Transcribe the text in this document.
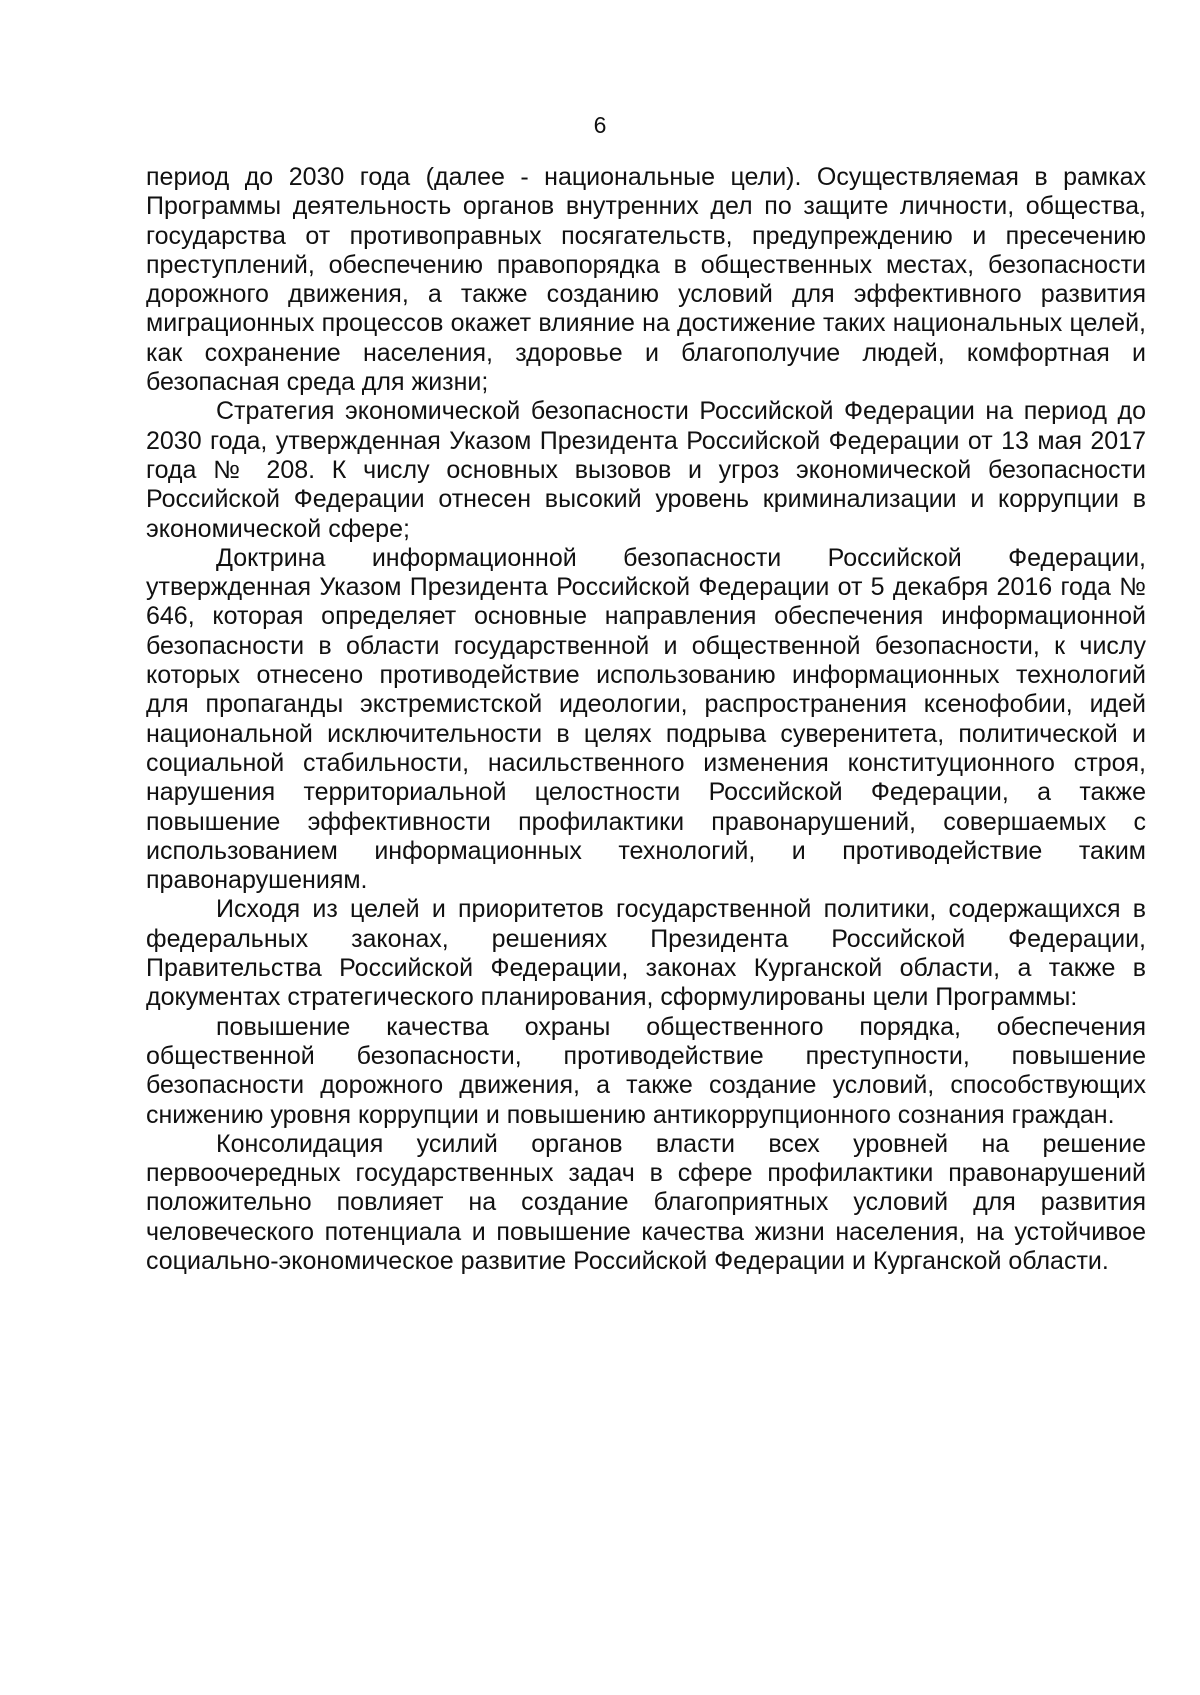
6

период до 2030 года (далее - национальные цели). Осуществляемая в рамках Программы деятельность органов внутренних дел по защите личности, общества, государства от противоправных посягательств, предупреждению и пресечению преступлений, обеспечению правопорядка в общественных местах, безопасности дорожного движения, а также созданию условий для эффективного развития миграционных процессов окажет влияние на достижение таких национальных целей, как сохранение населения, здоровье и благополучие людей, комфортная и безопасная среда для жизни;

Стратегия экономической безопасности Российской Федерации на период до 2030 года, утвержденная Указом Президента Российской Федерации от 13 мая 2017 года № 208. К числу основных вызовов и угроз экономической безопасности Российской Федерации отнесен высокий уровень криминализации и коррупции в экономической сфере;

Доктрина информационной безопасности Российской Федерации, утвержденная Указом Президента Российской Федерации от 5 декабря 2016 года № 646, которая определяет основные направления обеспечения информационной безопасности в области государственной и общественной безопасности, к числу которых отнесено противодействие использованию информационных технологий для пропаганды экстремистской идеологии, распространения ксенофобии, идей национальной исключительности в целях подрыва суверенитета, политической и социальной стабильности, насильственного изменения конституционного строя, нарушения территориальной целостности Российской Федерации, а также повышение эффективности профилактики правонарушений, совершаемых с использованием информационных технологий, и противодействие таким правонарушениям.

Исходя из целей и приоритетов государственной политики, содержащихся в федеральных законах, решениях Президента Российской Федерации, Правительства Российской Федерации, законах Курганской области, а также в документах стратегического планирования, сформулированы цели Программы:

повышение качества охраны общественного порядка, обеспечения общественной безопасности, противодействие преступности, повышение безопасности дорожного движения, а также создание условий, способствующих снижению уровня коррупции и повышению антикоррупционного сознания граждан.

Консолидация усилий органов власти всех уровней на решение первоочередных государственных задач в сфере профилактики правонарушений положительно повлияет на создание благоприятных условий для развития человеческого потенциала и повышение качества жизни населения, на устойчивое социально-экономическое развитие Российской Федерации и Курганской области.
